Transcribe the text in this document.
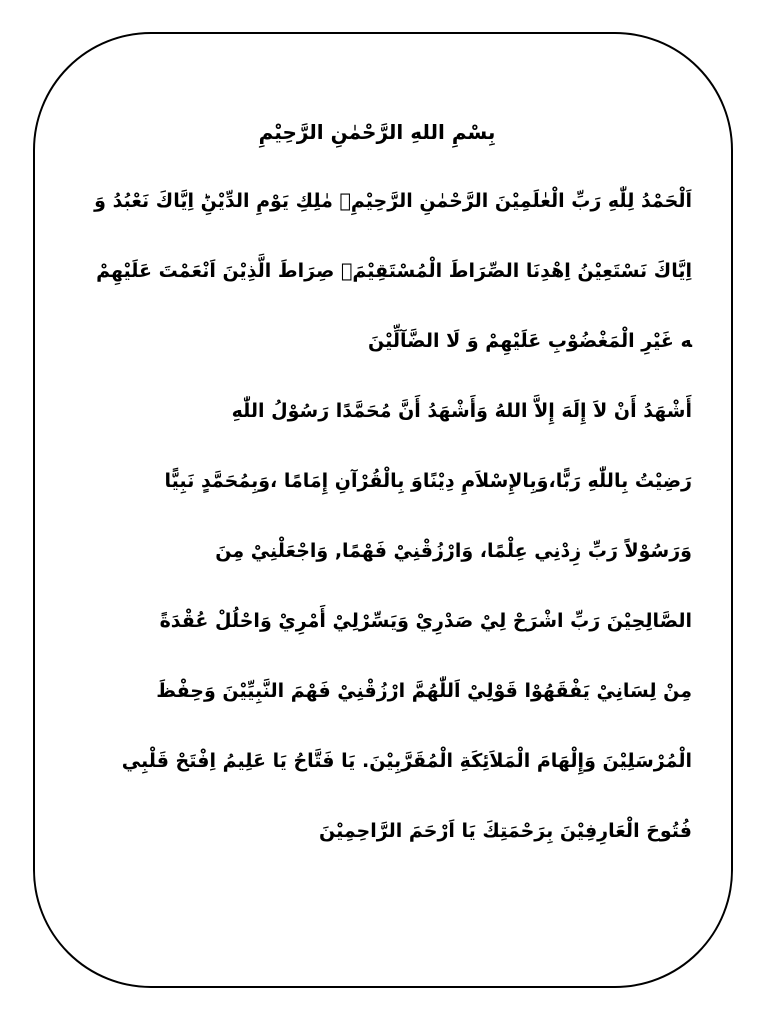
بِسْمِ اللهِ الرَّحْمٰنِ الرَّحِيْمِ

اَلْحَمْدُ لِلّٰهِ رَبِّ الْعٰلَمِيْنَ الرَّحْمٰنِ الرَّحِيْمِۙ مٰلِكِ يَوْمِ الدِّيْنِؕ اِيَّاكَ نَعْبُدُ وَ

اِيَّاكَ نَسْتَعِيْنُ اِهْدِنَا الصِّرَاطَ الْمُسْتَقِيْمَۙ صِرَاطَ الَّذِيْنَ اَنْعَمْتَ عَلَيْهِمْ

ﻪ غَيْرِ الْمَغْضُوْبِ عَلَيْهِمْ وَ لَا الضَّآلِّيْنَ

أَشْهَدُ أَنْ لاَ إِلَهَ إِلاَّ اللهُ وَأَشْهَدُ أَنَّ مُحَمَّدًا رَسُوْلُ اللّٰهِ

رَضِيْتُ بِاللّٰهِ رَبًّا،وَبِالإِسْلاَمِ دِيْنًاوَ بِالْقُرْآنِ إِمَامًا ،وَبِمُحَمَّدٍ نَبِيًّا

وَرَسُوْلاً رَبِّ زِدْنِي عِلْمًا، وَارْزُقْنِيْ فَهْمًا, وَاجْعَلْنِيْ مِنَ

الصَّالِحِيْنَ رَبِّ اشْرَحْ لِيْ صَدْرِيْ وَيَسِّرْلِيْ أَمْرِيْ وَاحْلُلْ عُقْدَةً

مِنْ لِسَانِيْ يَفْقَهُوْا قَوْلِيْ اَللّٰهُمَّ ارْزُقْنِيْ فَهْمَ النَّبِيِّيْنَ وَحِفْظَ

الْمُرْسَلِيْنَ وَإِلْهَامَ الْمَلاَئِكَةِ الْمُقَرَّبِيْنَ. يَا فَتَّاحُ يَا عَلِيمُ اِفْتَحْ قَلْبِي

فُتُوحَ الْعَارِفِيْنَ بِرَحْمَتِكَ يَا اَرْحَمَ الرَّاحِمِيْنَ
